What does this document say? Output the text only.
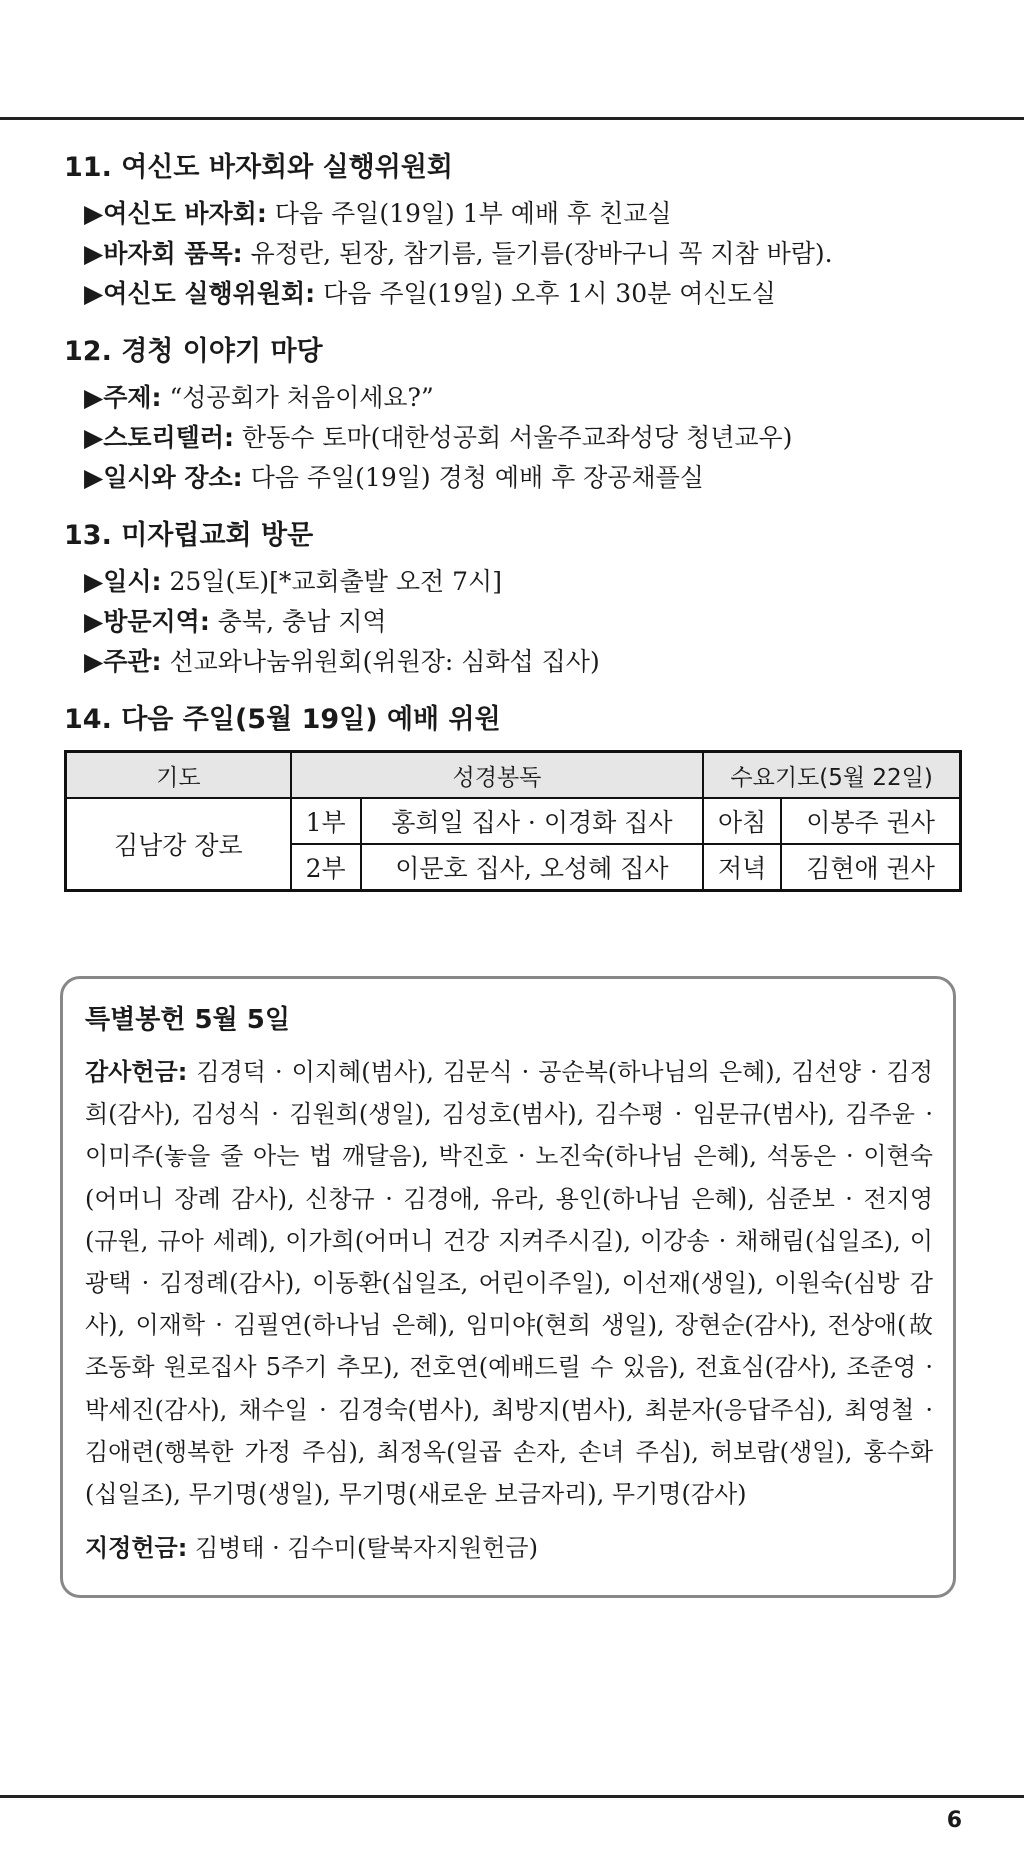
11. 여신도 바자회와 실행위원회
▶여신도 바자회: 다음 주일(19일) 1부 예배 후 친교실
▶바자회 품목: 유정란, 된장, 참기름, 들기름(장바구니 꼭 지참 바람).
▶여신도 실행위원회: 다음 주일(19일) 오후 1시 30분 여신도실
12. 경청 이야기 마당
▶주제: “성공회가 처음이세요?”
▶스토리텔러: 한동수 토마(대한성공회 서울주교좌성당 청년교우)
▶일시와 장소: 다음 주일(19일) 경청 예배 후 장공채플실
13. 미자립교회 방문
▶일시: 25일(토)[*교회출발 오전 7시]
▶방문지역: 충북, 충남 지역
▶주관: 선교와나눔위원회(위원장: 심화섭 집사)
14. 다음 주일(5월 19일) 예배 위원
기도	성경봉독		수요기도(5월 22일)	
김남강 장로	1부	홍희일 집사 · 이경화 집사	아침	이봉주 권사
	2부	이문호 집사, 오성혜 집사	저녁	김현애 권사
특별봉헌 5월 5일
감사헌금: 김경덕 · 이지혜(범사), 김문식 · 공순복(하나님의 은혜), 김선양 · 김정희(감사), 김성식 · 김원희(생일), 김성호(범사), 김수평 · 임문규(범사), 김주윤 · 이미주(놓을 줄 아는 법 깨달음), 박진호 · 노진숙(하나님 은혜), 석동은 · 이현숙(어머니 장례 감사), 신창규 · 김경애, 유라, 용인(하나님 은혜), 심준보 · 전지영(규원, 규아 세례), 이가희(어머니 건강 지켜주시길), 이강송 · 채해림(십일조), 이광택 · 김정례(감사), 이동환(십일조, 어린이주일), 이선재(생일), 이원숙(심방 감사), 이재학 · 김필연(하나님 은혜), 임미야(현희 생일), 장현순(감사), 전상애(故 조동화 원로집사 5주기 추모), 전호연(예배드릴 수 있음), 전효심(감사), 조준영 · 박세진(감사), 채수일 · 김경숙(범사), 최방지(범사), 최분자(응답주심), 최영철 · 김애련(행복한 가정 주심), 최정옥(일곱 손자, 손녀 주심), 허보람(생일), 홍수화(십일조), 무기명(생일), 무기명(새로운 보금자리), 무기명(감사)
지정헌금: 김병태 · 김수미(탈북자지원헌금)
6
